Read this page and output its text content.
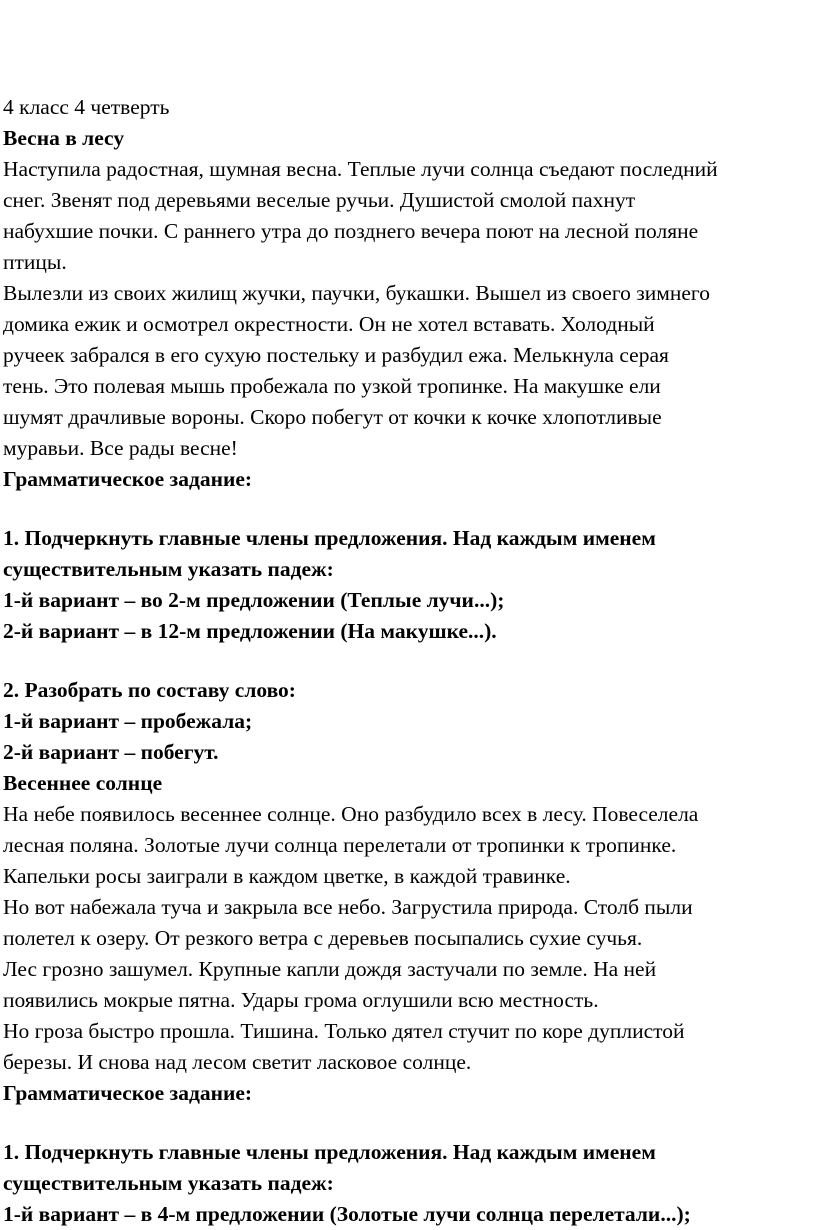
4 класс 4 четверть

Весна в лесу

Наступила радостная, шумная весна. Теплые лучи солнца съедают последний

снег. Звенят под деревьями веселые ручьи. Душистой смолой пахнут

набухшие почки. С раннего утра до позднего вечера поют на лесной поляне

птицы.

Вылезли из своих жилищ жучки, паучки, букашки. Вышел из своего зимнего

домика ежик и осмотрел окрестности. Он не хотел вставать. Холодный

ручеек забрался в его сухую постельку и разбудил ежа. Мелькнула серая

тень. Это полевая мышь пробежала по узкой тропинке. На макушке ели

шумят драчливые вороны. Скоро побегут от кочки к кочке хлопотливые

муравьи. Все рады весне!

Грамматическое задание:

1. Подчеркнуть главные члены предложения. Над каждым именем

существительным указать падеж:

1-й вариант – во 2-м предложении (Теплые лучи...);

2-й вариант – в 12-м предложении (На макушке...).

2. Разобрать по составу слово:

1-й вариант – пробежала;

2-й вариант – побегут.

Весеннее солнце

На небе появилось весеннее солнце. Оно разбудило всех в лесу. Повеселела

лесная поляна. Золотые лучи солнца перелетали от тропинки к тропинке.

Капельки росы заиграли в каждом цветке, в каждой травинке.

Но вот набежала туча и закрыла все небо. Загрустила природа. Столб пыли

полетел к озеру. От резкого ветра с деревьев посыпались сухие сучья.

Лес грозно зашумел. Крупные капли дождя застучали по земле. На ней

появились мокрые пятна. Удары грома оглушили всю местность.

Но гроза быстро прошла. Тишина. Только дятел стучит по коре дуплистой

березы. И снова над лесом светит ласковое солнце.

Грамматическое задание:

1. Подчеркнуть главные члены предложения. Над каждым именем

существительным указать падеж:

1-й вариант – в 4-м предложении (Золотые лучи солнца перелетали...);
